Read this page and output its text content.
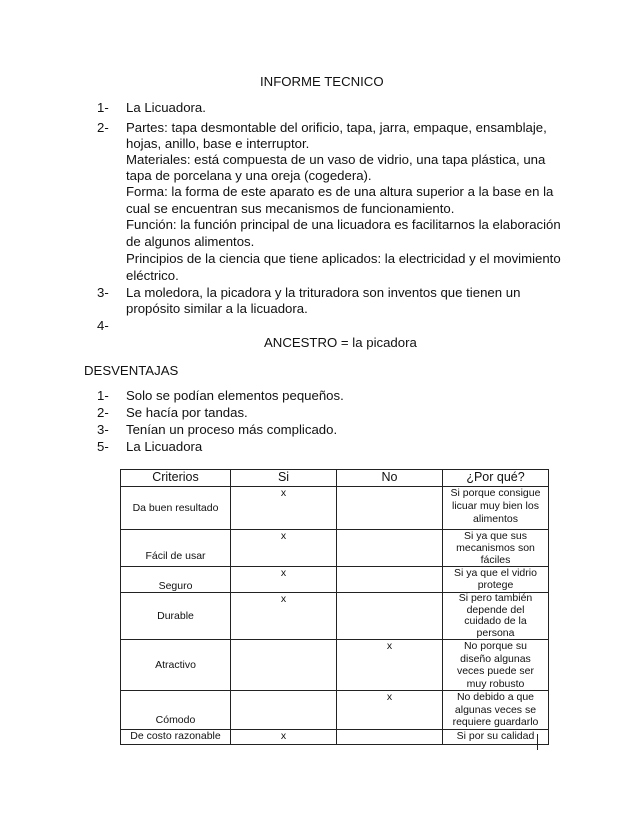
INFORME TECNICO
1- La Licuadora.
2- Partes: tapa desmontable del orificio, tapa, jarra, empaque, ensamblaje,
hojas, anillo, base e interruptor.
Materiales: está compuesta de un vaso de vidrio, una tapa plástica, una
tapa de porcelana y una oreja (cogedera).
Forma: la forma de este aparato es de una altura superior a la base en la
cual se encuentran sus mecanismos de funcionamiento.
Función: la función principal de una licuadora es facilitarnos la elaboración
de algunos alimentos.
Principios de la ciencia que tiene aplicados: la electricidad y el movimiento
eléctrico.
3- La moledora, la picadora y la trituradora son inventos que tienen un
propósito similar a la licuadora.
4-
ANCESTRO = la picadora
DESVENTAJAS
1- Solo se podían elementos pequeños.
2- Se hacía por tandas.
3- Tenían un proceso más complicado.
5- La Licuadora
Criterios	Si	No	¿Por qué?
Da buen resultado	x		Si porque consigue
licuar muy bien los
alimentos

Fácil de usar	x		Si ya que sus
mecanismos son
fáciles

Seguro	x		Si ya que el vidrio
protege

Durable	x		Si pero también
depende del
cuidado de la
persona

Atractivo		x	No porque su
diseño algunas
veces puede ser
muy robusto

Cómodo		x	No debido a que
algunas veces se
requiere guardarlo

De costo razonable	x		Si por su calidad
